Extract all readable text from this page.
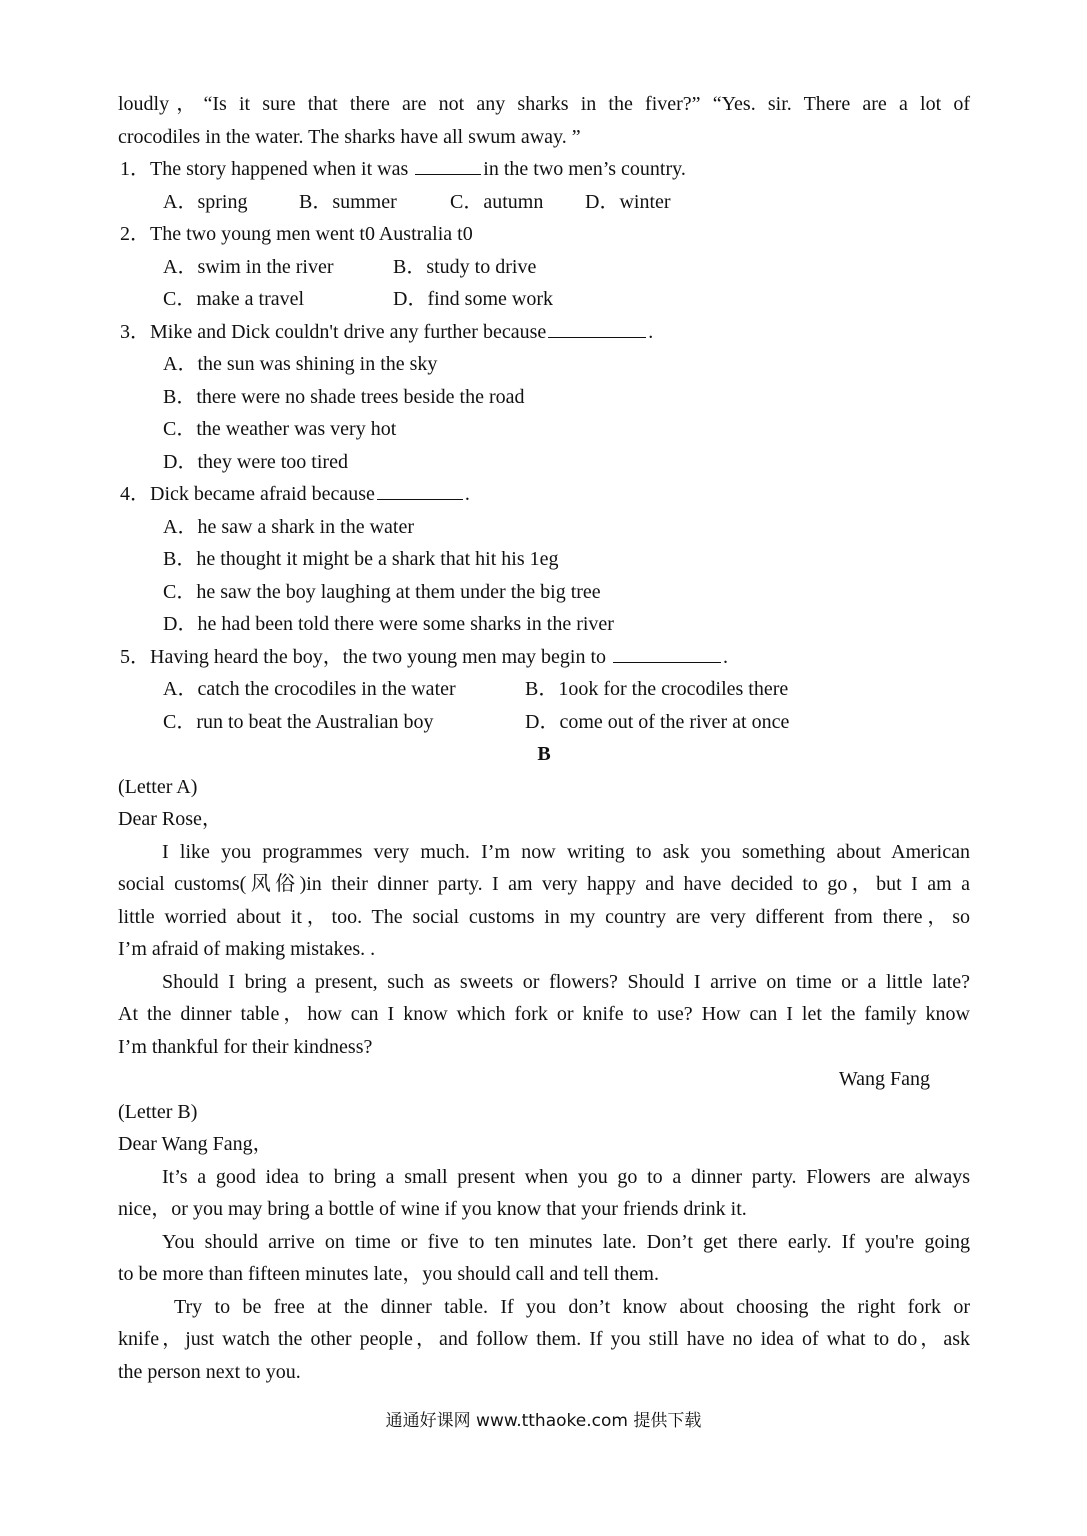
loudly，“Is it sure that there are not any sharks in the fiver?” “Yes. sir. There are a lot of
crocodiles in the water. The sharks have all swum away. ”
1．The story happened when it was	in the two men’s country.
A．spring	B．summer	C．autumn D．winter
2．The two young men went t0 Australia t0
A．swim in the river	B．study to drive
C．make a travel	D．find some work
3．Mike and Dick couldn't drive any further because	.
A．the sun was shining in the sky
B．there were no shade trees beside the road
C．the weather was very hot
D．they were too tired
4．Dick became afraid because	.
A．he saw a shark in the water
B．he thought it might be a shark that hit his 1eg
C．he saw the boy laughing at them under the big tree
D．he had been told there were some sharks in the river
5．Having heard the boy，the two young men may begin to	.
A．catch the crocodiles in the water	B．1ook for the crocodiles there
C．run to beat the Australian boy	D．come out of the river at once
B
(Letter A)
Dear Rose，
I like you programmes very much. I’m now writing to ask you something about American
social customs(风俗)in their dinner party. I am very happy and have decided to go，but I am a
little worried about it，too. The social customs in my country are very different from there，so
I’m afraid of making mistakes. .
Should I bring a present, such as sweets or flowers? Should I arrive on time or a little late?
At the dinner table，how can I know which fork or knife to use? How can I let the family know
I’m thankful for their kindness?
Wang Fang
(Letter B)
Dear Wang Fang，
It’s a good idea to bring a small present when you go to a dinner party. Flowers are always
nice，or you may bring a bottle of wine if you know that your friends drink it.
You should arrive on time or five to ten minutes late. Don’t get there early. If you're going
to be more than fifteen minutes late，you should call and tell them.
Try to be free at the dinner table. If you don’t know about choosing the right fork or
knife，just watch the other people，and follow them. If you still have no idea of what to do，ask
the person next to you.
通通好课网 www.tthaoke.com 提供下载
